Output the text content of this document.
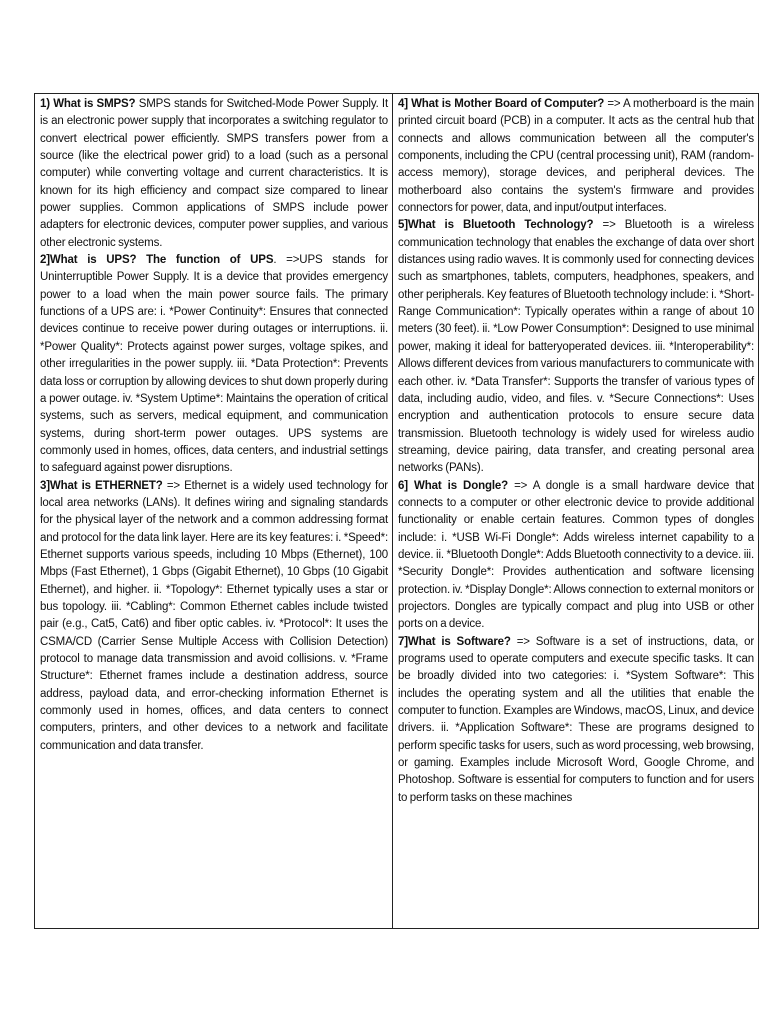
1) What is SMPS? SMPS stands for Switched-Mode Power Supply. It is an electronic power supply that incorporates a switching regulator to convert electrical power efficiently. SMPS transfers power from a source (like the electrical power grid) to a load (such as a personal computer) while converting voltage and current characteristics. It is known for its high efficiency and compact size compared to linear power supplies. Common applications of SMPS include power adapters for electronic devices, computer power supplies, and various other electronic systems.

2]What is UPS? The function of UPS. =>UPS stands for Uninterruptible Power Supply. It is a device that provides emergency power to a load when the main power source fails. The primary functions of a UPS are: i. *Power Continuity*: Ensures that connected devices continue to receive power during outages or interruptions. ii. *Power Quality*: Protects against power surges, voltage spikes, and other irregularities in the power supply. iii. *Data Protection*: Prevents data loss or corruption by allowing devices to shut down properly during a power outage. iv. *System Uptime*: Maintains the operation of critical systems, such as servers, medical equipment, and communication systems, during short-term power outages. UPS systems are commonly used in homes, offices, data centers, and industrial settings to safeguard against power disruptions.

3]What is ETHERNET? => Ethernet is a widely used technology for local area networks (LANs). It defines wiring and signaling standards for the physical layer of the network and a common addressing format and protocol for the data link layer. Here are its key features: i. *Speed*: Ethernet supports various speeds, including 10 Mbps (Ethernet), 100 Mbps (Fast Ethernet), 1 Gbps (Gigabit Ethernet), 10 Gbps (10 Gigabit Ethernet), and higher. ii. *Topology*: Ethernet typically uses a star or bus topology. iii. *Cabling*: Common Ethernet cables include twisted pair (e.g., Cat5, Cat6) and fiber optic cables. iv. *Protocol*: It uses the CSMA/CD (Carrier Sense Multiple Access with Collision Detection) protocol to manage data transmission and avoid collisions. v. *Frame Structure*: Ethernet frames include a destination address, source address, payload data, and error-checking information Ethernet is commonly used in homes, offices, and data centers to connect computers, printers, and other devices to a network and facilitate communication and data transfer.

4] What is Mother Board of Computer? => A motherboard is the main printed circuit board (PCB) in a computer. It acts as the central hub that connects and allows communication between all the computer's components, including the CPU (central processing unit), RAM (random-access memory), storage devices, and peripheral devices. The motherboard also contains the system's firmware and provides connectors for power, data, and input/output interfaces.

5]What is Bluetooth Technology? => Bluetooth is a wireless communication technology that enables the exchange of data over short distances using radio waves. It is commonly used for connecting devices such as smartphones, tablets, computers, headphones, speakers, and other peripherals. Key features of Bluetooth technology include: i. *Short-Range Communication*: Typically operates within a range of about 10 meters (30 feet). ii. *Low Power Consumption*: Designed to use minimal power, making it ideal for batteryoperated devices. iii. *Interoperability*: Allows different devices from various manufacturers to communicate with each other. iv. *Data Transfer*: Supports the transfer of various types of data, including audio, video, and files. v. *Secure Connections*: Uses encryption and authentication protocols to ensure secure data transmission. Bluetooth technology is widely used for wireless audio streaming, device pairing, data transfer, and creating personal area networks (PANs).

6] What is Dongle? => A dongle is a small hardware device that connects to a computer or other electronic device to provide additional functionality or enable certain features. Common types of dongles include: i. *USB Wi-Fi Dongle*: Adds wireless internet capability to a device. ii. *Bluetooth Dongle*: Adds Bluetooth connectivity to a device. iii. *Security Dongle*: Provides authentication and software licensing protection. iv. *Display Dongle*: Allows connection to external monitors or projectors. Dongles are typically compact and plug into USB or other ports on a device.

7]What is Software? => Software is a set of instructions, data, or programs used to operate computers and execute specific tasks. It can be broadly divided into two categories: i. *System Software*: This includes the operating system and all the utilities that enable the computer to function. Examples are Windows, macOS, Linux, and device drivers. ii. *Application Software*: These are programs designed to perform specific tasks for users, such as word processing, web browsing, or gaming. Examples include Microsoft Word, Google Chrome, and Photoshop. Software is essential for computers to function and for users to perform tasks on these machines
